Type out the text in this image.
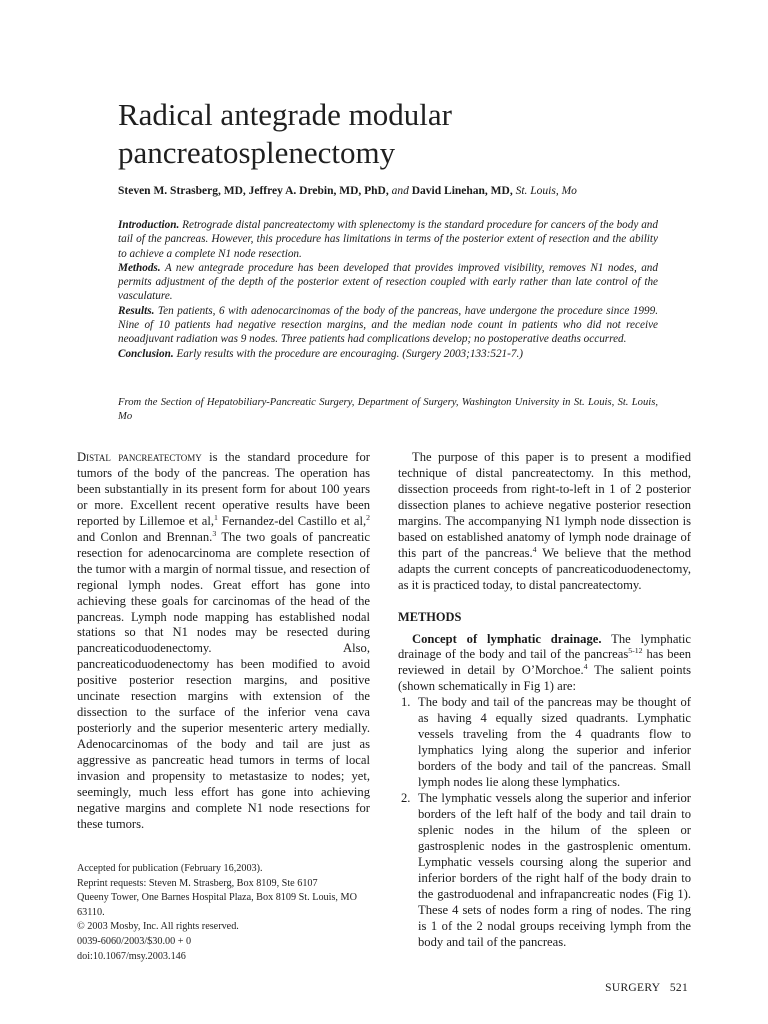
Radical antegrade modular pancreatosplenectomy
Steven M. Strasberg, MD, Jeffrey A. Drebin, MD, PhD, and David Linehan, MD, St. Louis, Mo

Introduction. Retrograde distal pancreatectomy with splenectomy is the standard procedure for cancers of the body and tail of the pancreas. However, this procedure has limitations in terms of the posterior extent of resection and the ability to achieve a complete N1 node resection.

Methods. A new antegrade procedure has been developed that provides improved visibility, removes N1 nodes, and permits adjustment of the depth of the posterior extent of resection coupled with early rather than late control of the vasculature.

Results. Ten patients, 6 with adenocarcinomas of the body of the pancreas, have undergone the procedure since 1999. Nine of 10 patients had negative resection margins, and the median node count in patients who did not receive neoadjuvant radiation was 9 nodes. Three patients had complications develop; no postoperative deaths occurred.

Conclusion. Early results with the procedure are encouraging. (Surgery 2003;133:521-7.)

From the Section of Hepatobiliary-Pancreatic Surgery, Department of Surgery, Washington University in St. Louis, St. Louis, Mo

Distal pancreatectomy is the standard procedure for tumors of the body of the pancreas. The operation has been substantially in its present form for about 100 years or more. Excellent recent operative results have been reported by Lillemoe et al,$^1$ Fernandez-del Castillo et al,$^2$ and Conlon and Brennan.$^3$ The two goals of pancreatic resection for adenocarcinoma are complete resection of the tumor with a margin of normal tissue, and resection of regional lymph nodes. Great effort has gone into achieving these goals for carcinomas of the head of the pancreas. Lymph node mapping has established nodal stations so that N1 nodes may be resected during pancreaticoduodenectomy. Also, pancreaticoduodenectomy has been modified to avoid positive posterior resection margins, and positive uncinate resection margins with extension of the dissection to the surface of the inferior vena cava posteriorly and the superior mesenteric artery medially. Adenocarcinomas of the body and tail are just as aggressive as pancreatic head tumors in terms of local invasion and propensity to metastasize to nodes; yet, seemingly, much less effort has gone into achieving negative margins and complete N1 node resections for these tumors.

Accepted for publication (February 16,2003).
Reprint requests: Steven M. Strasberg, Box 8109, Ste 6107
Queeny Tower, One Barnes Hospital Plaza, Box 8109 St. Louis, MO 63110.
© 2003 Mosby, Inc. All rights reserved.
0039-6060/2003/$30.00 + 0
doi:10.1067/msy.2003.146

The purpose of this paper is to present a modified technique of distal pancreatectomy. In this method, dissection proceeds from right-to-left in 1 of 2 posterior dissection planes to achieve negative posterior resection margins. The accompanying N1 lymph node dissection is based on established anatomy of lymph node drainage of this part of the pancreas.$^4$ We believe that the method adapts the current concepts of pancreaticoduodenectomy, as it is practiced today, to distal pancreatectomy.

METHODS

Concept of lymphatic drainage. The lymphatic drainage of the body and tail of the pancreas$^{5-12}$ has been reviewed in detail by O’Morchoe.$^4$ The salient points (shown schematically in Fig 1) are:

1. The body and tail of the pancreas may be thought of as having 4 equally sized quadrants. Lymphatic vessels traveling from the 4 quadrants flow to lymphatics lying along the superior and inferior borders of the body and tail of the pancreas. Small lymph nodes lie along these lymphatics.
2. The lymphatic vessels along the superior and inferior borders of the left half of the body and tail drain to splenic nodes in the hilum of the spleen or gastrosplenic nodes in the gastrosplenic omentum. Lymphatic vessels coursing along the superior and inferior borders of the right half of the body drain to the gastroduodenal and infrapancreatic nodes (Fig 1). These 4 sets of nodes form a ring of nodes. The ring is 1 of the 2 nodal groups receiving lymph from the body and tail of the pancreas.
SURGERY 521
